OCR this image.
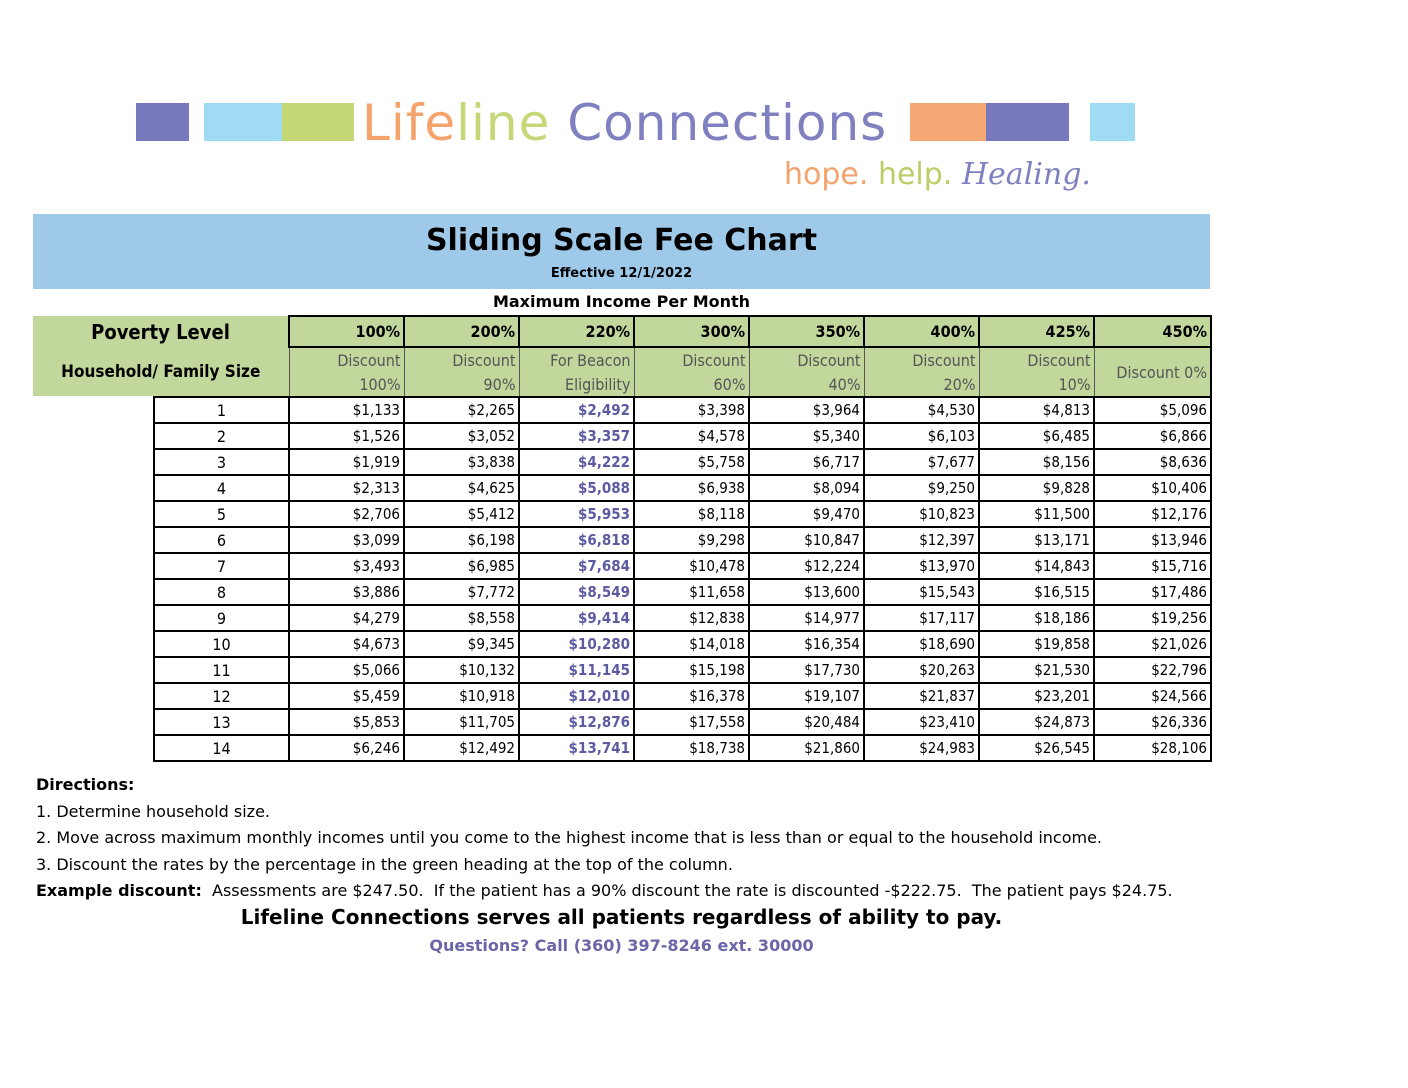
Lifeline Connections
hope. help. Healing.
Sliding Scale Fee Chart
Effective 12/1/2022
Maximum Income Per Month
Poverty Level		100%	200%	220%	300%	350%	400%	425%	450%
Household/ Family Size		Discount	Discount	For Beacon	Discount	Discount	Discount	Discount	Discount 0%
		100%	90%	Eligibility	60%	40%	20%	10%	
	1	$1,133	$2,265	$2,492	$3,398	$3,964	$4,530	$4,813	$5,096
	2	$1,526	$3,052	$3,357	$4,578	$5,340	$6,103	$6,485	$6,866
	3	$1,919	$3,838	$4,222	$5,758	$6,717	$7,677	$8,156	$8,636
	4	$2,313	$4,625	$5,088	$6,938	$8,094	$9,250	$9,828	$10,406
	5	$2,706	$5,412	$5,953	$8,118	$9,470	$10,823	$11,500	$12,176
	6	$3,099	$6,198	$6,818	$9,298	$10,847	$12,397	$13,171	$13,946
	7	$3,493	$6,985	$7,684	$10,478	$12,224	$13,970	$14,843	$15,716
	8	$3,886	$7,772	$8,549	$11,658	$13,600	$15,543	$16,515	$17,486
	9	$4,279	$8,558	$9,414	$12,838	$14,977	$17,117	$18,186	$19,256
	10	$4,673	$9,345	$10,280	$14,018	$16,354	$18,690	$19,858	$21,026
	11	$5,066	$10,132	$11,145	$15,198	$17,730	$20,263	$21,530	$22,796
	12	$5,459	$10,918	$12,010	$16,378	$19,107	$21,837	$23,201	$24,566
	13	$5,853	$11,705	$12,876	$17,558	$20,484	$23,410	$24,873	$26,336
	14	$6,246	$12,492	$13,741	$18,738	$21,860	$24,983	$26,545	$28,106
Directions:
1. Determine household size.
2. Move across maximum monthly incomes until you come to the highest income that is less than or equal to the household income.
3. Discount the rates by the percentage in the green heading at the top of the column.
Example discount:  Assessments are $247.50.  If the patient has a 90% discount the rate is discounted -$222.75.  The patient pays $24.75.
Lifeline Connections serves all patients regardless of ability to pay.
Questions? Call (360) 397-8246 ext. 30000
